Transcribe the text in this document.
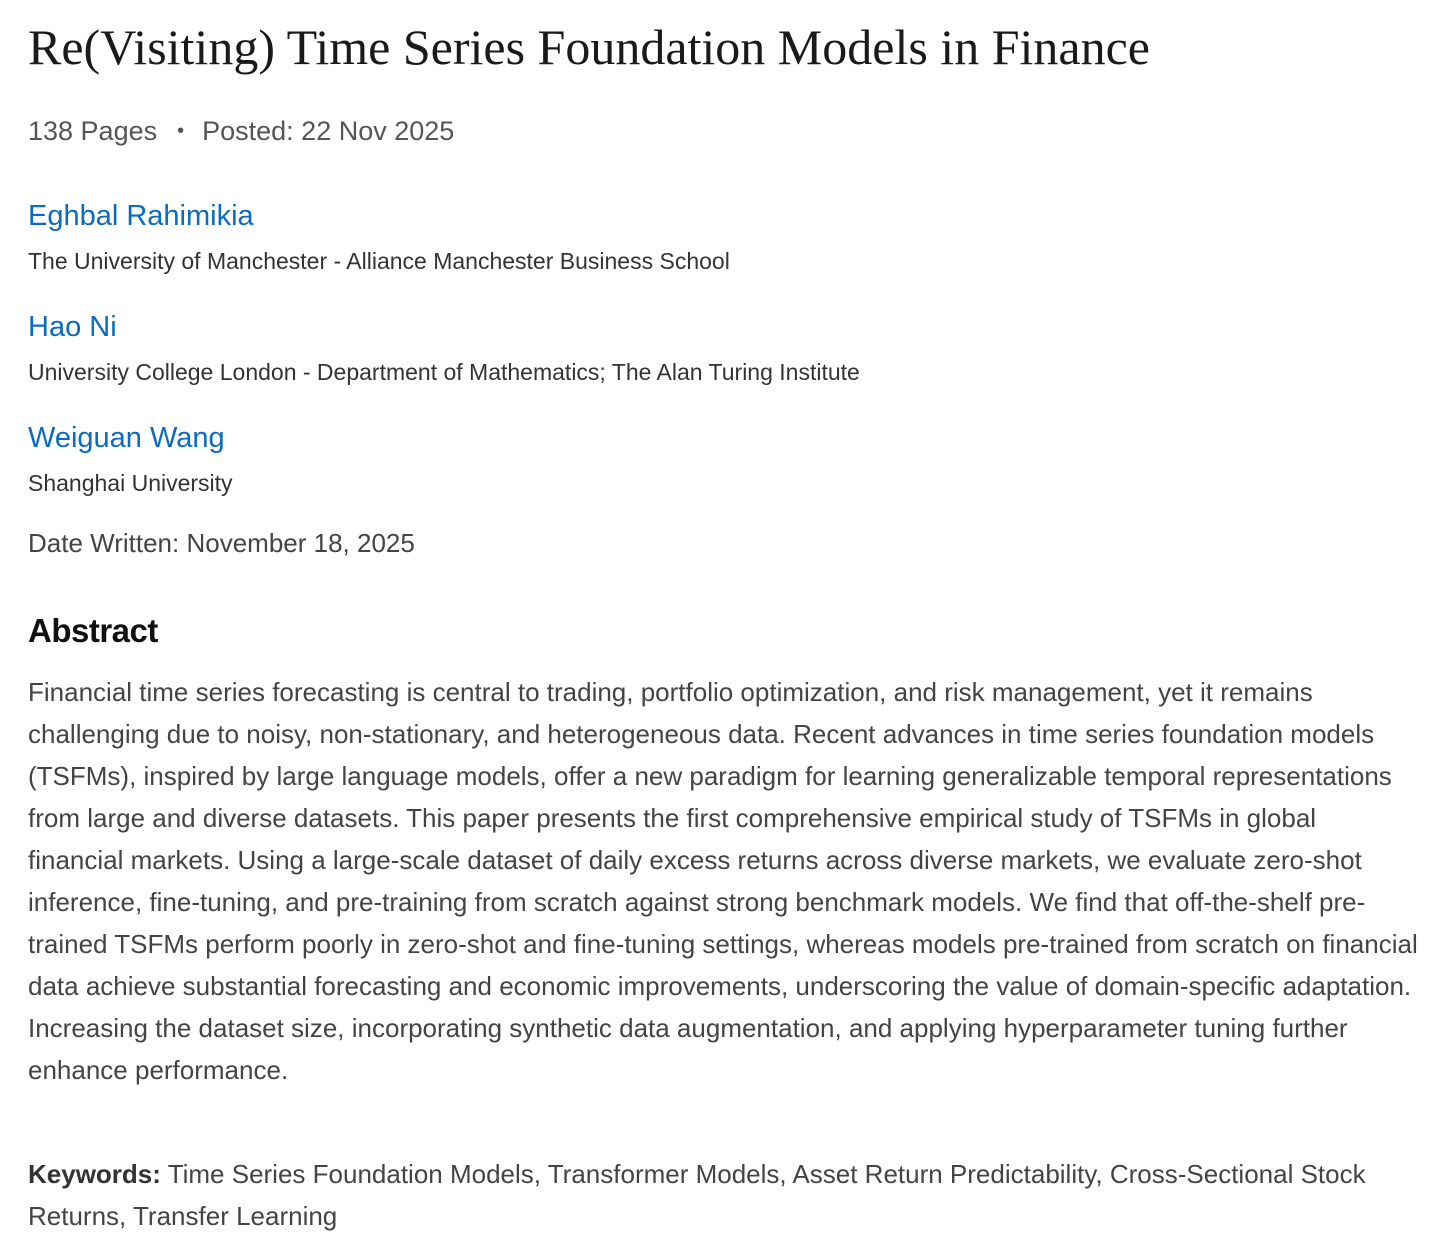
Re(Visiting) Time Series Foundation Models in Finance
138 Pages • Posted: 22 Nov 2025
Eghbal Rahimikia
The University of Manchester - Alliance Manchester Business School
Hao Ni
University College London - Department of Mathematics; The Alan Turing Institute
Weiguan Wang
Shanghai University
Date Written: November 18, 2025
Abstract

Financial time series forecasting is central to trading, portfolio optimization, and risk management, yet it remains challenging due to noisy, non-stationary, and heterogeneous data. Recent advances in time series foundation models (TSFMs), inspired by large language models, offer a new paradigm for learning generalizable temporal representations from large and diverse datasets. This paper presents the first comprehensive empirical study of TSFMs in global financial markets. Using a large-scale dataset of daily excess returns across diverse markets, we evaluate zero-shot inference, fine-tuning, and pre-training from scratch against strong benchmark models. We find that off-the-shelf pre-trained TSFMs perform poorly in zero-shot and fine-tuning settings, whereas models pre-trained from scratch on financial data achieve substantial forecasting and economic improvements, underscoring the value of domain-specific adaptation. Increasing the dataset size, incorporating synthetic data augmentation, and applying hyperparameter tuning further enhance performance.

Keywords: Time Series Foundation Models, Transformer Models, Asset Return Predictability, Cross-Sectional Stock Returns, Transfer Learning
